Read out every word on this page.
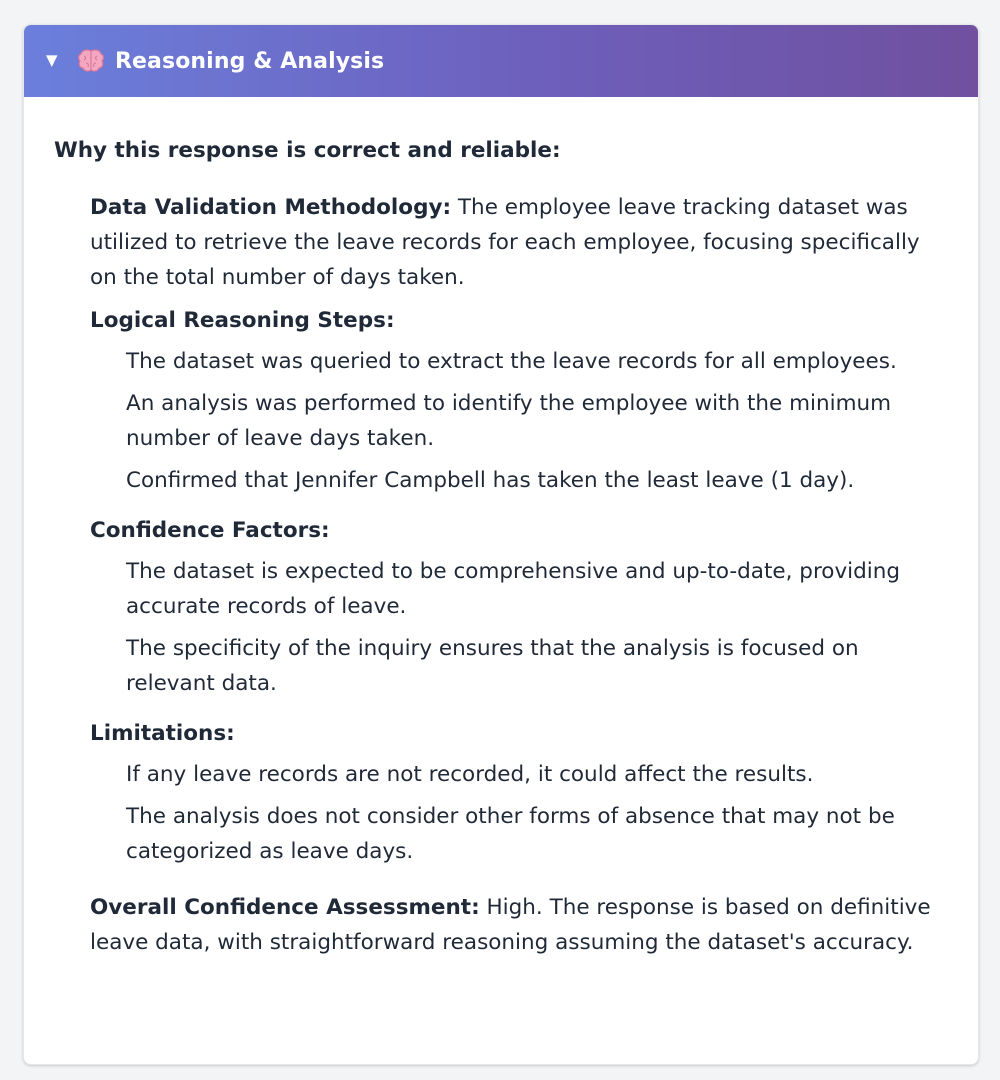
▼	Reasoning & Analysis

Why this response is correct and reliable:

Data Validation Methodology: The employee leave tracking dataset was utilized to retrieve the leave records for each employee, focusing specifically on the total number of days taken.

Logical Reasoning Steps:

The dataset was queried to extract the leave records for all employees.
An analysis was performed to identify the employee with the minimum number of leave days taken.
Confirmed that Jennifer Campbell has taken the least leave (1 day).

Confidence Factors:

The dataset is expected to be comprehensive and up-to-date, providing accurate records of leave.
The specificity of the inquiry ensures that the analysis is focused on relevant data.

Limitations:

If any leave records are not recorded, it could affect the results.
The analysis does not consider other forms of absence that may not be categorized as leave days.

Overall Confidence Assessment: High. The response is based on definitive leave data, with straightforward reasoning assuming the dataset's accuracy.
